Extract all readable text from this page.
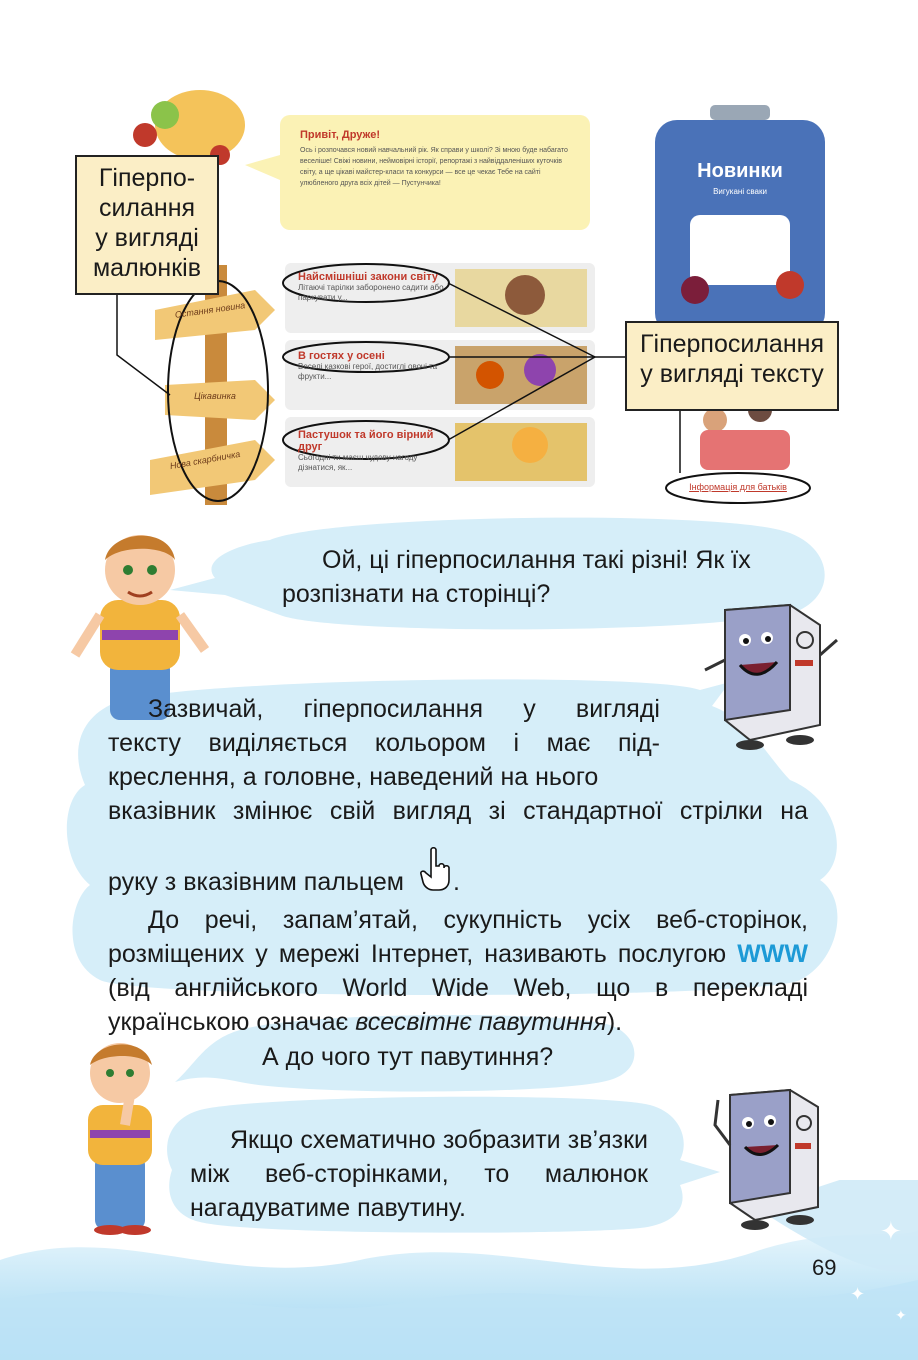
✦
✦
✦
Привіт, Друже!
Ось і розпочався новий навчальний рік. Як справи у школі? Зі мною буде набагато веселіше! Свіжі новини, неймовірні історії, репортажі з найвіддаленіших куточків світу, а ще цікаві майстер-класи та конкурси — все це чекає Тебе на сайті улюбленого друга всіх дітей — Пустунчика!
Остання новина
Цікавинка
Нова скарбничка
Найсмішніші закони світу
Літаючі тарілки заборонено садити або паркувати у...
В гостях у осені
Веселі казкові герої, достиглі овочі та фрукти...
Пастушок та його вірний друг
Сьогодні ти маєш чудову нагоду дізнатися, як...
Новинки
Вигукані сваки
Інформація для батьків
Гіперпо-
силання
у вигляді
малюнків
Гіперпосилання
у вигляді тексту
Ой, ці гіперпосилання такі різні! Як їх розпізнати на сторінці?
Зазвичай, гіперпосилання у вигляді
тексту виділяється кольором і має під-
креслення, а головне, наведений на нього
вказівник змінює свій вигляд зі стандартної стрілки на
руку з вказівним пальцем .
До речі, запам’ятай, сукупність усіх веб-сторінок, розміщених у мережі Інтернет, називають послугою WWW (від англійського World Wide Web, що в перекладі українською означає всесвітнє павутиння).
А до чого тут павутиння?
Якщо схематично зобразити зв’язки між веб-сторінками, то малюнок нагадуватиме павутину.
69
